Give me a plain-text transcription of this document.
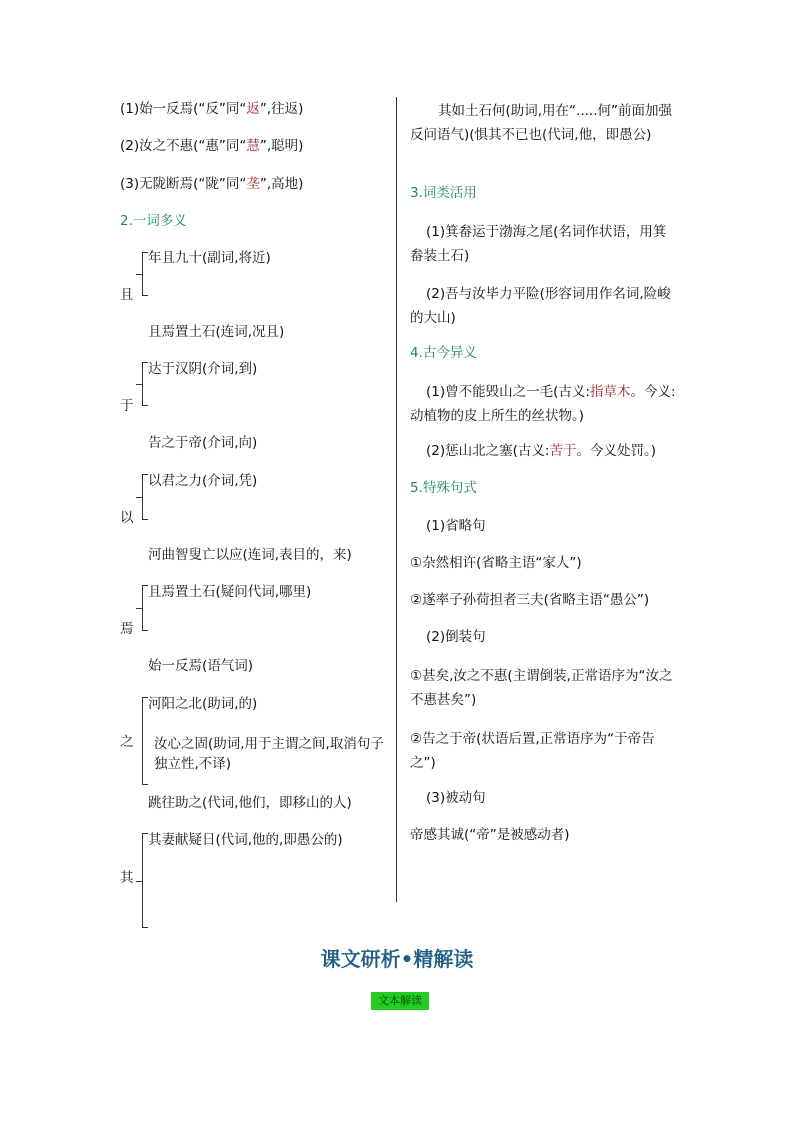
(1)始一反焉(“反”同“返”,往返)
(2)汝之不惠(“惠”同“慧”,聪明)
(3)无陇断焉(“陇”同“垄”,高地)
2.一词多义
年且九十(副词,将近)
且
且焉置土石(连词,况且)
达于汉阴(介词,到)
于
告之于帝(介词,向)
以君之力(介词,凭)
以
河曲智叟亡以应(连词,表目的，来)
且焉置土石(疑问代词,哪里)
焉
始一反焉(语气词)
河阳之北(助词,的)
之 汝心之固(助词,用于主谓之间,取消句子独立性,不译)
跳往助之(代词,他们，即移山的人)
其妻献疑日(代词,他的,即愚公的)
其
其如土石何(助词,用在“.....何”前面加强反问语气)(惧其不已也(代词,他，即愚公)
3.词类活用
(1)箕畚运于渤海之尾(名词作状语，用箕畚装土石)
(2)吾与汝毕力平险(形容词用作名词,险峻的大山)
4.古今异义
(1)曾不能毁山之一毛(古义:指草木。今义:动植物的皮上所生的丝状物。)
(2)惩山北之塞(古义:苦于。今义处罚。)
5.特殊句式
(1)省略句
①杂然相许(省略主语“家人”)
②遂率子孙荷担者三夫(省略主语“愚公”)
(2)倒装句
①甚矣,汝之不惠(主谓倒装,正常语序为“汝之不惠甚矣”)
②告之于帝(状语后置,正常语序为“于帝告之”)
(3)被动句
帝感其诚(“帝”是被感动者)
课文研析•精解读
文本解读
